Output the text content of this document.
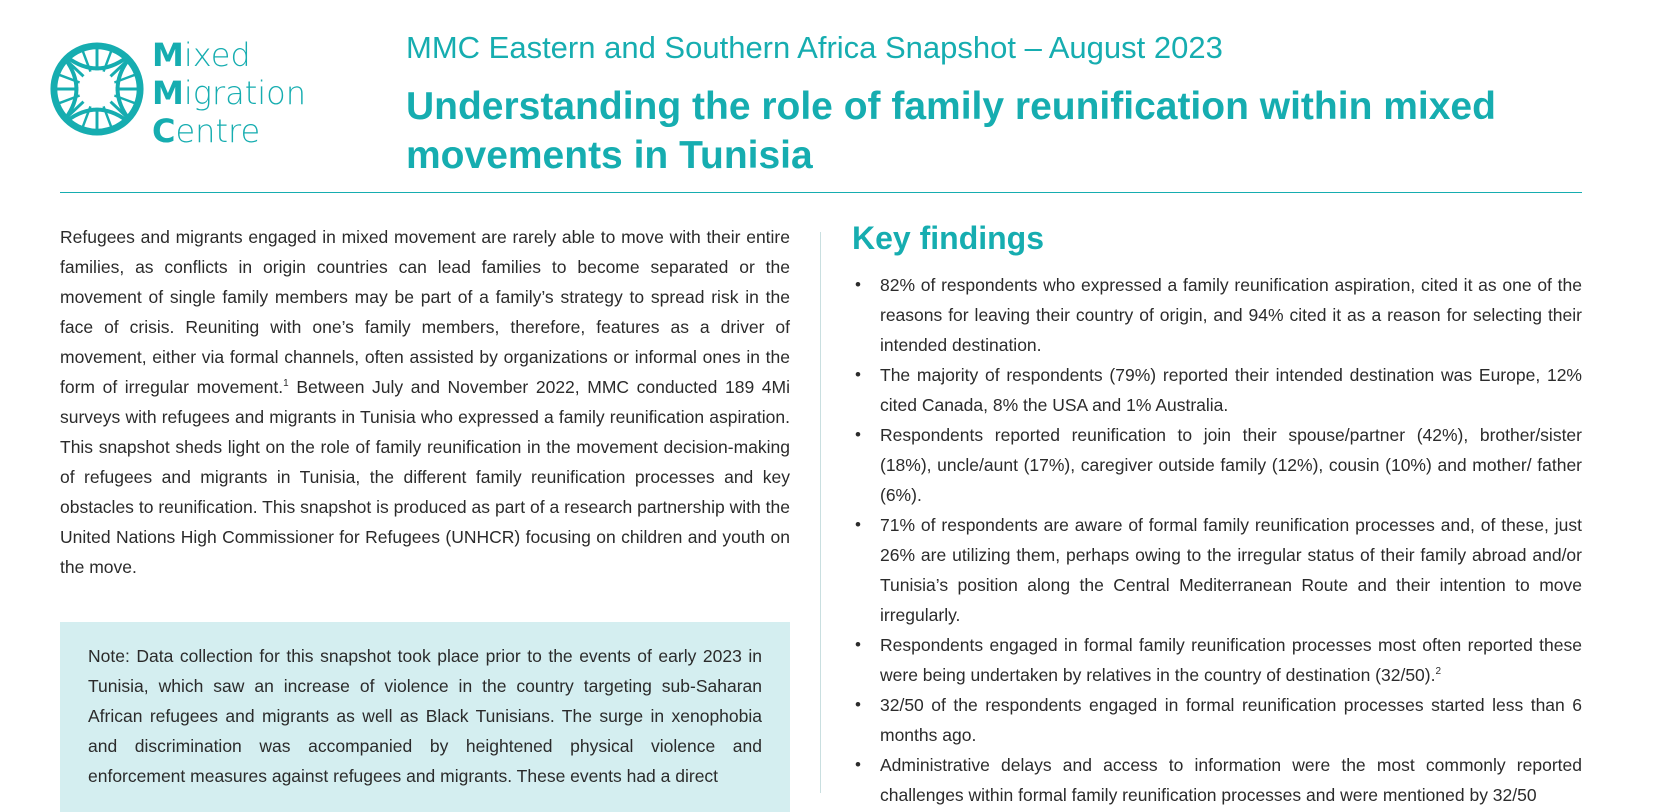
Mixed
Migration
Centre
MMC Eastern and Southern Africa Snapshot – August 2023
Understanding the role of family reunification within mixed movements in Tunisia
Refugees and migrants engaged in mixed movement are rarely able to move with their entire families, as conflicts in origin countries can lead families to become separated or the movement of single family members may be part of a family’s strategy to spread risk in the face of crisis. Reuniting with one’s family members, therefore, features as a driver of movement, either via formal channels, often assisted by organizations or informal ones in the form of irregular movement.$^1$ Between July and November 2022, MMC conducted 189 4Mi surveys with refugees and migrants in Tunisia who expressed a family reunification aspiration. This snapshot sheds light on the role of family reunification in the movement decision-making of refugees and migrants in Tunisia, the different family reunification processes and key obstacles to reunification. This snapshot is produced as part of a research partnership with the United Nations High Commissioner for Refugees (UNHCR) focusing on children and youth on the move.
Note: Data collection for this snapshot took place prior to the events of early 2023 in Tunisia, which saw an increase of violence in the country targeting sub-Saharan African refugees and migrants as well as Black Tunisians. The surge in xenophobia and discrimination was accompanied by heightened physical violence and enforcement measures against refugees and migrants. These events had a direct
Key findings
• 82% of respondents who expressed a family reunification aspiration, cited it as one of the reasons for leaving their country of origin, and 94% cited it as a reason for selecting their intended destination.
• The majority of respondents (79%) reported their intended destination was Europe, 12% cited Canada, 8% the USA and 1% Australia.
• Respondents reported reunification to join their spouse/partner (42%), brother/sister (18%), uncle/aunt (17%), caregiver outside family (12%), cousin (10%) and mother/ father (6%).
• 71% of respondents are aware of formal family reunification processes and, of these, just 26% are utilizing them, perhaps owing to the irregular status of their family abroad and/or Tunisia’s position along the Central Mediterranean Route and their intention to move irregularly.
• Respondents engaged in formal family reunification processes most often reported these were being undertaken by relatives in the country of destination (32/50).$^2$
• 32/50 of the respondents engaged in formal reunification processes started less than 6 months ago.
• Administrative delays and access to information were the most commonly reported challenges within formal family reunification processes and were mentioned by 32/50
